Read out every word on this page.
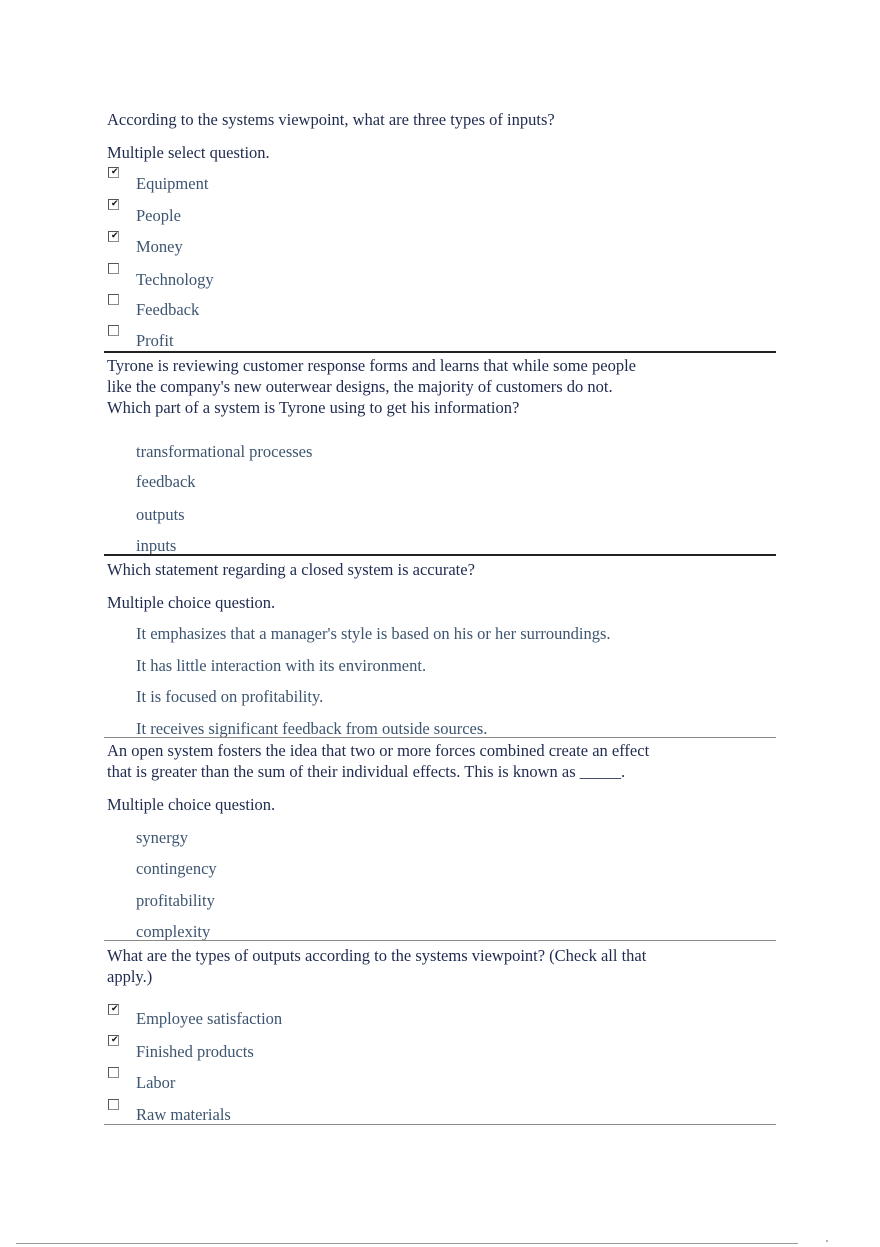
According to the systems viewpoint, what are three types of inputs?
Multiple select question.
✔
Equipment
✔
People
✔
Money
Technology
Feedback
Profit
Tyrone is reviewing customer response forms and learns that while some people
like the company's new outerwear designs, the majority of customers do not.
Which part of a system is Tyrone using to get his information?
transformational processes
feedback
outputs
inputs
Which statement regarding a closed system is accurate?
Multiple choice question.
It emphasizes that a manager's style is based on his or her surroundings.
It has little interaction with its environment.
It is focused on profitability.
It receives significant feedback from outside sources.
An open system fosters the idea that two or more forces combined create an effect
that is greater than the sum of their individual effects. This is known as _____.
Multiple choice question.
synergy
contingency
profitability
complexity
What are the types of outputs according to the systems viewpoint? (Check all that
apply.)
✔ Employee satisfaction
✔
Finished products
Labor
Raw materials
